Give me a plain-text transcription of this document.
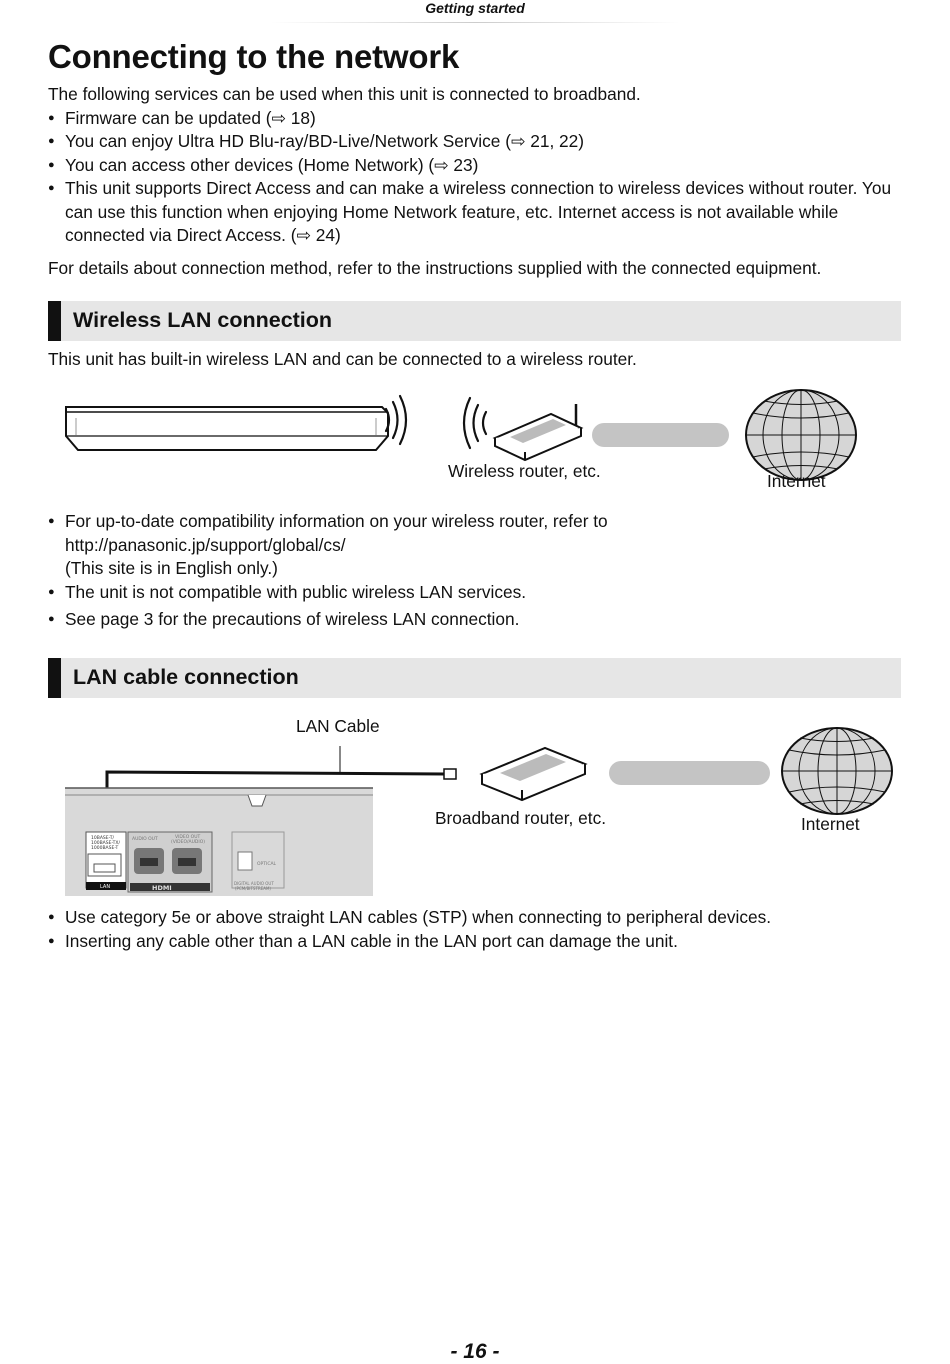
Getting started
Connecting to the network

The following services can be used when this unit is connected to broadband.

● Firmware can be updated (⇨ 18)
● You can enjoy Ultra HD Blu-ray/BD-Live/Network Service (⇨ 21, 22)
● You can access other devices (Home Network) (⇨ 23)
● This unit supports Direct Access and can make a wireless connection to wireless devices without router. You can use this function when enjoying Home Network feature, etc. Internet access is not available while connected via Direct Access. (⇨ 24)
For details about connection method, refer to the instructions supplied with the connected equipment.
Wireless LAN connection
This unit has built-in wireless LAN and can be connected to a wireless router.
Wireless router, etc.	Internet
● For up-to-date compatibility information on your wireless router, refer to
http://panasonic.jp/support/global/cs/
(This site is in English only.)
● The unit is not compatible with public wireless LAN services.
● See page 3 for the precautions of wireless LAN connection.
LAN cable connection
LAN Cable
10BASE-T/
100BASE-TX/
1000BASE-T
LAN
AUDIO OUT	VIDEO OUT
(VIDEO/AUDIO)
HDMI
OPTICAL
DIGITAL AUDIO OUT
(PCM/BITSTREAM)
Broadband router, etc.	Internet
● Use category 5e or above straight LAN cables (STP) when connecting to peripheral devices.
● Inserting any cable other than a LAN cable in the LAN port can damage the unit.
- 16 -
